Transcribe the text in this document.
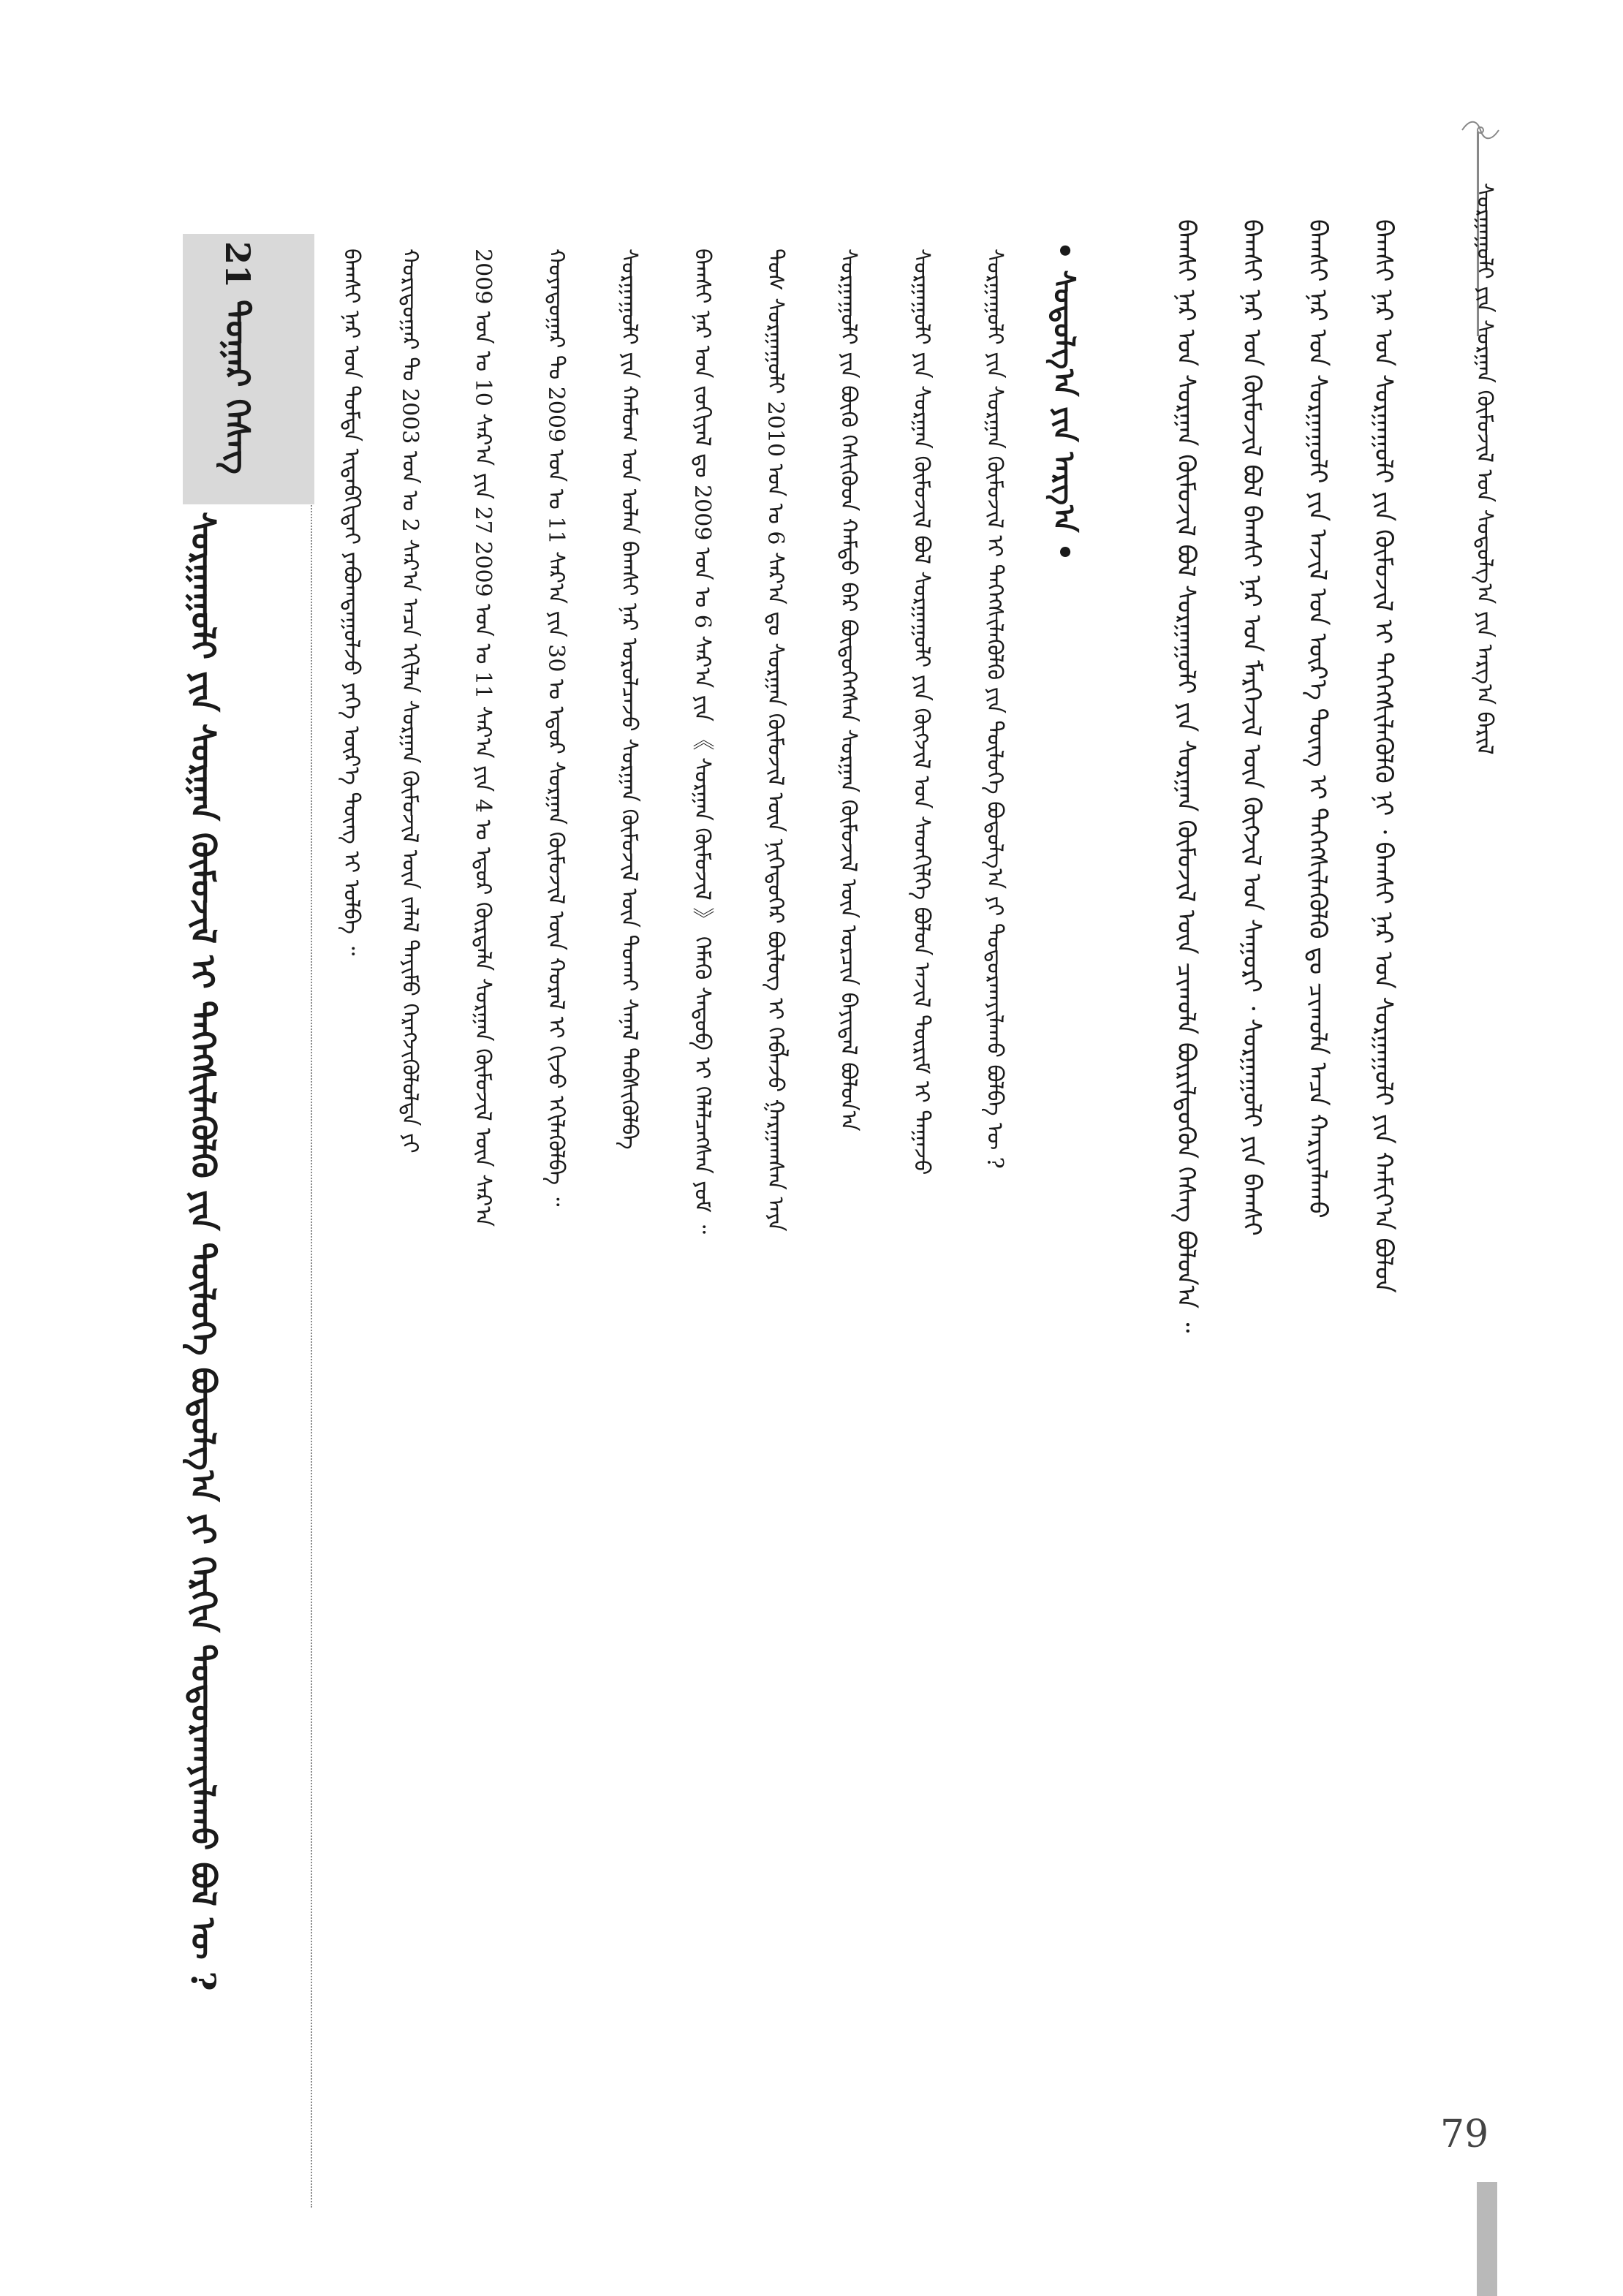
ᠰᠤᠷᠭᠠᠭᠤᠯᠢ ᠶᠢᠨ ᠰᠤᠷᠭᠠᠨ ᠬᠦᠮᠦᠵᠢᠯ ᠤᠨ ᠰᠤᠳᠤᠯᠭ᠎ᠠ ᠶᠢᠨ ᠠᠷᠭ᠎ᠠ ᠪᠠᠷᠢᠯ
ᠪᠠᠭᠰᠢ ᠨᠠᠷ ᠤᠨ ᠰᠤᠷᠭᠠᠭᠤᠯᠢ ᠶᠢᠨ ᠬᠦᠮᠦᠵᠢᠯ ᠢ ᠳᠡᠭᠡᠭᠰᠢᠯᠡᠭᠦᠯᠬᠦ ᠨᠢ ᠂ ᠪᠠᠭᠰᠢ ᠨᠠᠷ ᠤᠨ ᠰᠤᠷᠭᠠᠭᠤᠯᠢ ᠶᠢᠨ ᠬᠠᠮᠢᠶ᠎ᠠ ᠪᠤᠯᠤᠨ
ᠪᠠᠭᠰᠢ ᠨᠠᠷ ᠤᠨ ᠰᠤᠷᠭᠠᠭᠤᠯᠢ ᠶᠢᠨ ᠠᠵᠢᠯ ᠤᠨ ᠦᠷ᠎ᠡ ᠳᠦᠩ ᠢ ᠳᠡᠭᠡᠭᠰᠢᠯᠡᠭᠦᠯᠬᠦ ᠳᠤ ᠴᠢᠬᠤᠯᠠ ᠠᠴᠠ ᠬᠠᠷᠢᠶᠠᠯᠠᠬᠤ
ᠪᠠᠭᠰᠢ ᠨᠠᠷ ᠤᠨ ᠬᠦᠮᠦᠵᠢᠯ ᠪᠣᠯ ᠪᠠᠭᠰᠢ ᠨᠠᠷ ᠤᠨ ᠮᠡᠷᠭᠡᠵᠢᠯ ᠦᠨ ᠬᠥᠭᠵᠢᠯ ᠤᠨ ᠰᠠᠭᠤᠷᠢ ᠂ ᠰᠤᠷᠭᠠᠭᠤᠯᠢ ᠶᠢᠨ ᠪᠠᠭᠰᠢ
ᠪᠠᠭᠰᠢ ᠨᠠᠷ ᠤᠨ ᠰᠤᠷᠭᠠᠨ ᠬᠦᠮᠦᠵᠢᠯ ᠪᠣᠯ ᠰᠤᠷᠭᠠᠭᠤᠯᠢ ᠶᠢᠨ ᠰᠤᠷᠭᠠᠨ ᠬᠦᠮᠦᠵᠢᠯ ᠦᠨ ᠴᠢᠬᠤᠯᠠ ᠪᠦᠷᠢᠯᠳᠦᠬᠦᠨ ᠬᠡᠰᠡᠭ ᠪᠣᠯᠤᠨ᠎ᠠ ᠃
• ᠰᠤᠳᠤᠯᠭ᠎ᠠ ᠶᠢᠨ ᠠᠷᠭ᠎ᠠ •
ᠰᠤᠷᠭᠠᠭᠤᠯᠢ ᠶᠢᠨ ᠰᠤᠷᠭᠠᠨ ᠬᠦᠮᠦᠵᠢᠯ ᠢ ᠳᠡᠭᠡᠭᠰᠢᠯᠡᠭᠦᠯᠬᠦ ᠶᠢᠨ ᠲᠥᠯᠥᠭᠡ ᠪᠣᠳᠤᠯᠭ᠎ᠠ ᠶᠢ ᠲᠣᠳᠣᠷᠬᠠᠶᠢᠯᠠᠬᠤ ᠪᠣᠯᠪᠠ ᠦ ?
ᠰᠤᠷᠭᠠᠭᠤᠯᠢ ᠶᠢᠨ ᠰᠤᠷᠭᠠᠨ ᠬᠦᠮᠦᠵᠢᠯ ᠪᠣᠯ ᠰᠤᠷᠭᠠᠭᠤᠯᠢ ᠶᠢᠨ ᠬᠥᠭᠵᠢᠯ ᠤᠨ ᠰᠡᠳᠬᠢᠯᠭᠡ ᠪᠣᠯᠤᠨ ᠠᠵᠢᠯ ᠳᠦᠷᠢᠮ ᠢ ᠳᠠᠭᠠᠵᠤ
ᠰᠤᠷᠭᠠᠭᠤᠯᠢ ᠶᠢᠨ ᠪᠦᠬᠦ ᠭᠡᠰᠢᠭᠦᠳ ᠬᠠᠮᠲᠤ ᠪᠡᠷ ᠪᠦᠲᠦᠭᠡᠭᠰᠡᠨ ᠰᠤᠷᠭᠠᠨ ᠬᠦᠮᠦᠵᠢᠯ ᠦᠨ ᠤᠷᠴᠢᠨ ᠪᠠᠶᠢᠳᠠᠯ ᠪᠣᠯᠤᠨ᠎ᠠ
ᠲᠤᠰ ᠰᠤᠷᠭᠠᠭᠤᠯᠢ 2010 ᠣᠨ ᠤ 6 ᠰᠠᠷ᠎ᠠ ᠳᠤ ᠰᠤᠷᠭᠠᠨ ᠬᠦᠮᠦᠵᠢᠯ ᠦᠨ ᠨᠢᠭᠡᠳᠦᠭᠡᠷ ᠪᠦᠯᠦᠭ ᠢ ᠬᠡᠪᠯᠡᠵᠦ ᠭᠠᠷᠭᠠᠭᠰᠠᠨ ᠠᠶᠠ
ᠪᠠᠭᠰᠢ ᠨᠠᠷ ᠤᠨ ᠵᠣᠬᠢᠶᠠᠯ ᠳᠤ 2009 ᠣᠨ ᠤ 6 ᠰᠠᠷ᠎ᠠ ᠶᠢᠨ 《 ᠰᠤᠷᠭᠠᠨ ᠬᠦᠮᠦᠵᠢᠯ 》 ᠬᠡᠮᠡᠬᠦ ᠰᠡᠳᠦᠪ ᠢ ᠬᠡᠯᠡᠯᠴᠡᠭᠰᠡᠨ ᠶᠤᠮ ᠃
ᠰᠤᠷᠭᠠᠭᠤᠯᠢ ᠶᠢᠨ ᠬᠠᠮᠤᠭ ᠤᠨ ᠣᠯᠠᠨ ᠪᠠᠭᠰᠢ ᠨᠠᠷ ᠣᠷᠣᠯᠴᠠᠵᠤ ᠰᠤᠷᠭᠠᠨ ᠬᠦᠮᠦᠵᠢᠯ ᠦᠨ ᠲᠤᠬᠠᠢ ᠰᠠᠨᠠᠯ ᠳᠡᠪᠰᠢᠭᠦᠯᠪᠡ
ᠬᠣᠶᠠᠳᠤᠭᠠᠷ ᠲᠤ 2009 ᠣᠨ ᠤ 11 ᠰᠠᠷ᠎ᠠ ᠶᠢᠨ 30 ᠤ ᠡᠳᠦᠷ ᠰᠤᠷᠭᠠᠨ ᠬᠦᠮᠦᠵᠢᠯ ᠦᠨ ᠬᠤᠷᠠᠯ ᠢ ᠬᠢᠵᠦ ᠡᠬᠢᠯᠡᠭᠦᠯᠪᠡ ᠃
2009 ᠣᠨ ᠤ 10 ᠰᠠᠷ᠎ᠠ ᠶᠢᠨ 27 2009 ᠣᠨ ᠤ 11 ᠰᠠᠷ᠎ᠠ ᠶᠢᠨ 4 ᠤ ᠡᠳᠦᠷ ᠬᠦᠷᠲᠡᠯᠡ ᠰᠤᠷᠭᠠᠨ ᠬᠦᠮᠦᠵᠢᠯ ᠦᠨ ᠰᠠᠷ᠎ᠠ
ᠬᠣᠷᠢᠳᠤᠭᠠᠷ ᠲᠤ 2003 ᠣᠨ ᠤ 2 ᠰᠠᠷ᠎ᠠ ᠠᠴᠠ ᠡᠬᠢᠯᠡᠨ ᠰᠤᠷᠭᠠᠨ ᠬᠦᠮᠦᠵᠢᠯ ᠦᠨ ᠵᠠᠯᠠᠯ ᠲᠡᠶᠢᠮᠦ ᠬᠡᠷᠡᠭᠵᠢᠭᠦᠯᠦᠯᠲᠡ ᠶᠢ
ᠪᠠᠭᠰᠢ ᠨᠠᠷ ᠤᠨ ᠳᠤᠮᠳᠠ ᠢᠳᠡᠪᠬᠢᠲᠡᠢ ᠶᠠᠪᠤᠭᠳᠠᠭᠤᠯᠵᠤ ᠶᠡᠬᠡ ᠦᠷ᠎ᠡ ᠳᠦᠩ ᠢ ᠣᠯᠪᠠ ᠃
21 ᠳᠤᠭᠠᠷ ᠬᠡᠰᠡᠭ
ᠰᠤᠷᠭᠠᠭᠤᠯᠢ ᠶᠢᠨ ᠰᠤᠷᠭᠠᠨ ᠬᠦᠮᠦᠵᠢᠯ ᠢ ᠳᠡᠭᠡᠭᠰᠢᠯᠡᠭᠦᠯᠬᠦ ᠶᠢᠨ ᠲᠥᠯᠥᠭᠡ ᠪᠣᠳᠤᠯᠭ᠎ᠠ ᠶᠢ ᠬᠡᠷᠬᠢᠨ ᠲᠣᠳᠣᠷᠬᠠᠶᠢᠯᠠᠬᠤ ᠪᠣᠯ ᠦ ?
79
